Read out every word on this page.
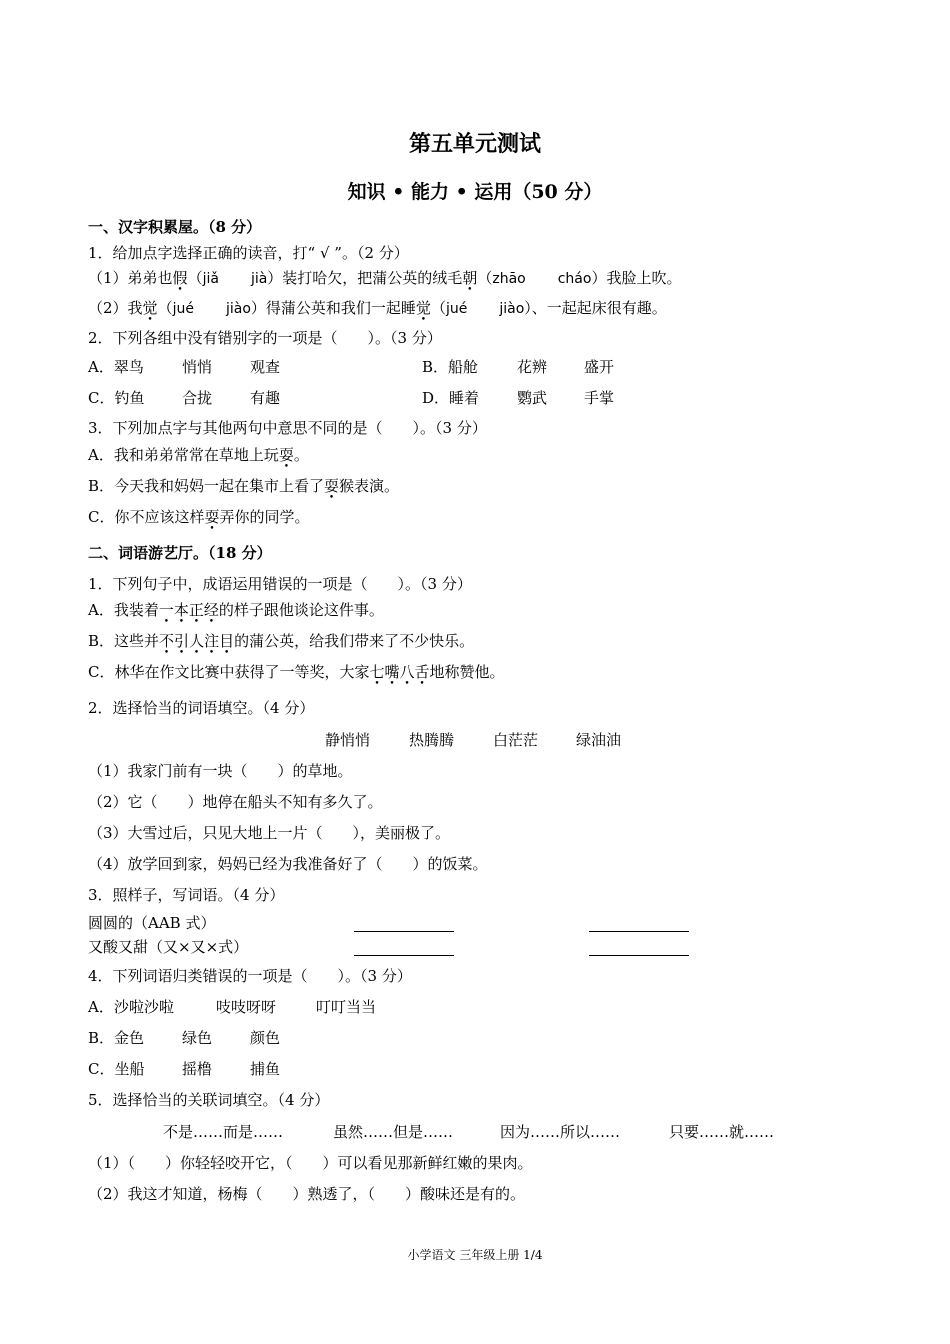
第五单元测试
知识 • 能力 • 运用（50 分）
一、汉字积累屋。（8 分）
1．给加点字选择正确的读音，打“ √ ”。（2 分）
（1）弟弟也假（jiǎ jià）装打哈欠，把蒲公英的绒毛朝（zhāo cháo）我脸上吹。
（2）我觉（jué jiào）得蒲公英和我们一起睡觉（jué jiào）、一起起床很有趣。
2．下列各组中没有错别字的一项是（　　）。（3 分）
A．翠鸟	悄悄	观查	B．船舱	花辨 盛开
C．钓鱼	合拢	有趣	D．睡着	鹦武 手掌
3．下列加点字与其他两句中意思不同的是（　　）。（3 分）
A．我和弟弟常常在草地上玩耍。
B．今天我和妈妈一起在集市上看了耍猴表演。
C．你不应该这样耍弄你的同学。
二、词语游艺厅。（18 分）
1．下列句子中，成语运用错误的一项是（　　）。（3 分）
A．我装着一本正经的样子跟他谈论这件事。
B．这些并不引人注目的蒲公英，给我们带来了不少快乐。
C．林华在作文比赛中获得了一等奖，大家七嘴八舌地称赞他。
2．选择恰当的词语填空。（4 分）
静悄悄	热腾腾	白茫茫	绿油油
（1）我家门前有一块（　　）的草地。
（2）它（　　）地停在船头不知有多久了。
（3）大雪过后，只见大地上一片（　　），美丽极了。
（4）放学回到家，妈妈已经为我准备好了（　　）的饭菜。
3．照样子，写词语。（4 分）
圆圆的（AAB 式）
又酸又甜（又×又×式）
4．下列词语归类错误的一项是（　　）。（3 分）
A．沙啦沙啦	吱吱呀呀	叮叮当当
B．金色	绿色	颜色
C．坐船	摇橹	捕鱼
5．选择恰当的关联词填空。（4 分）
不是……而是……	虽然……但是……	因为……所以……	只要……就……
（1）（　　）你轻轻咬开它，（　　）可以看见那新鲜红嫩的果肉。
（2）我这才知道，杨梅（　　）熟透了，（　　）酸味还是有的。
小学语文 三年级上册 1/4
